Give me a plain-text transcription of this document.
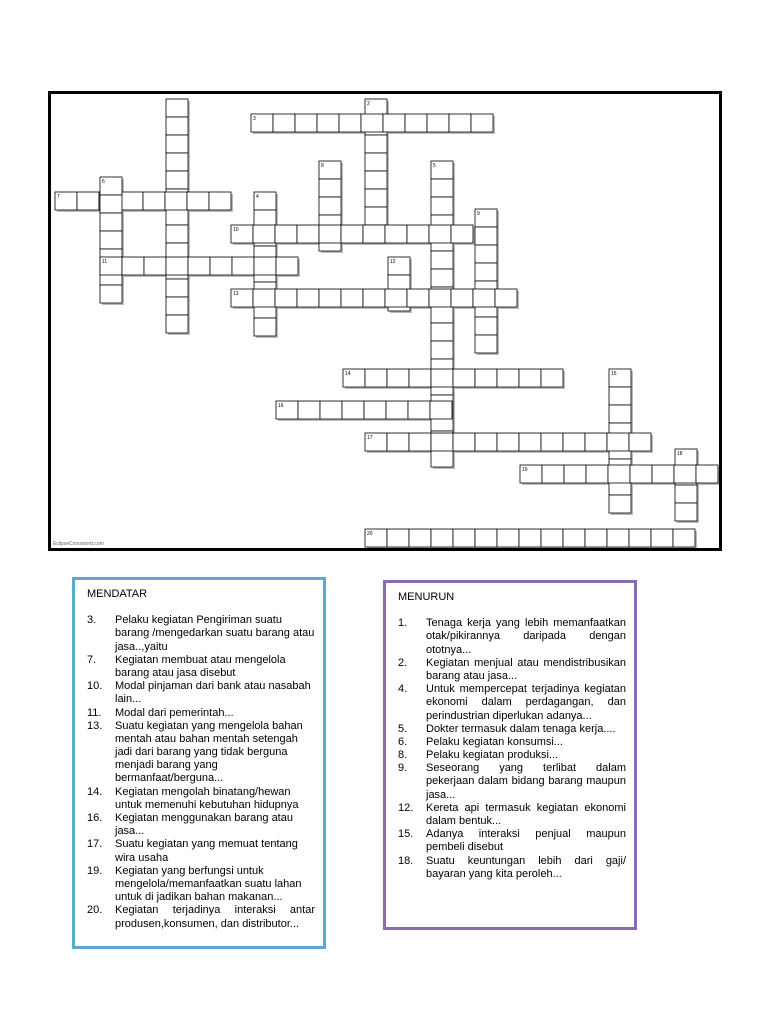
2
3
8	5
7
6
4
9
10
11	12
13
14	15
16
17
18
19
20
EclipseCrossword.com
MENDATAR
3.	Pelaku kegiatan Pengiriman suatu barang /mengedarkan suatu barang atau jasa..,yaitu
7.	Kegiatan membuat atau mengelola barang atau jasa disebut
10.	Modal pinjaman dari bank atau nasabah lain...
11.	Modal dari pemerintah...
13.	Suatu kegiatan yang mengelola bahan mentah atau bahan mentah setengah jadi dari barang yang tidak berguna menjadi barang yang bermanfaat/berguna...
14.	Kegiatan mengolah binatang/hewan untuk memenuhi kebutuhan hidupnya
16.	Kegiatan menggunakan barang atau jasa...
17.	Suatu kegiatan yang memuat tentang wira usaha
19.	Kegiatan yang berfungsi untuk mengelola/memanfaatkan suatu lahan untuk di jadikan bahan makanan...
20.	Kegiatan terjadinya interaksi antar produsen,konsumen, dan distributor...
MENURUN
1.	Tenaga kerja yang lebih memanfaatkan otak/pikirannya daripada dengan ototnya...
2.	Kegiatan menjual atau mendistribusikan barang atau jasa...
4.	Untuk mempercepat terjadinya kegiatan ekonomi dalam perdagangan, dan perindustrian diperlukan adanya...
5.	Dokter termasuk dalam tenaga kerja....
6.	Pelaku kegiatan konsumsi...
8.	Pelaku kegiatan produksi...
9.	Seseorang yang terlibat dalam pekerjaan dalam bidang barang maupun jasa...
12.	Kereta api termasuk kegiatan ekonomi dalam bentuk...
15.	Adanya interaksi penjual maupun pembeli disebut
18.	Suatu keuntungan lebih dari gaji/ bayaran yang kita peroleh...
